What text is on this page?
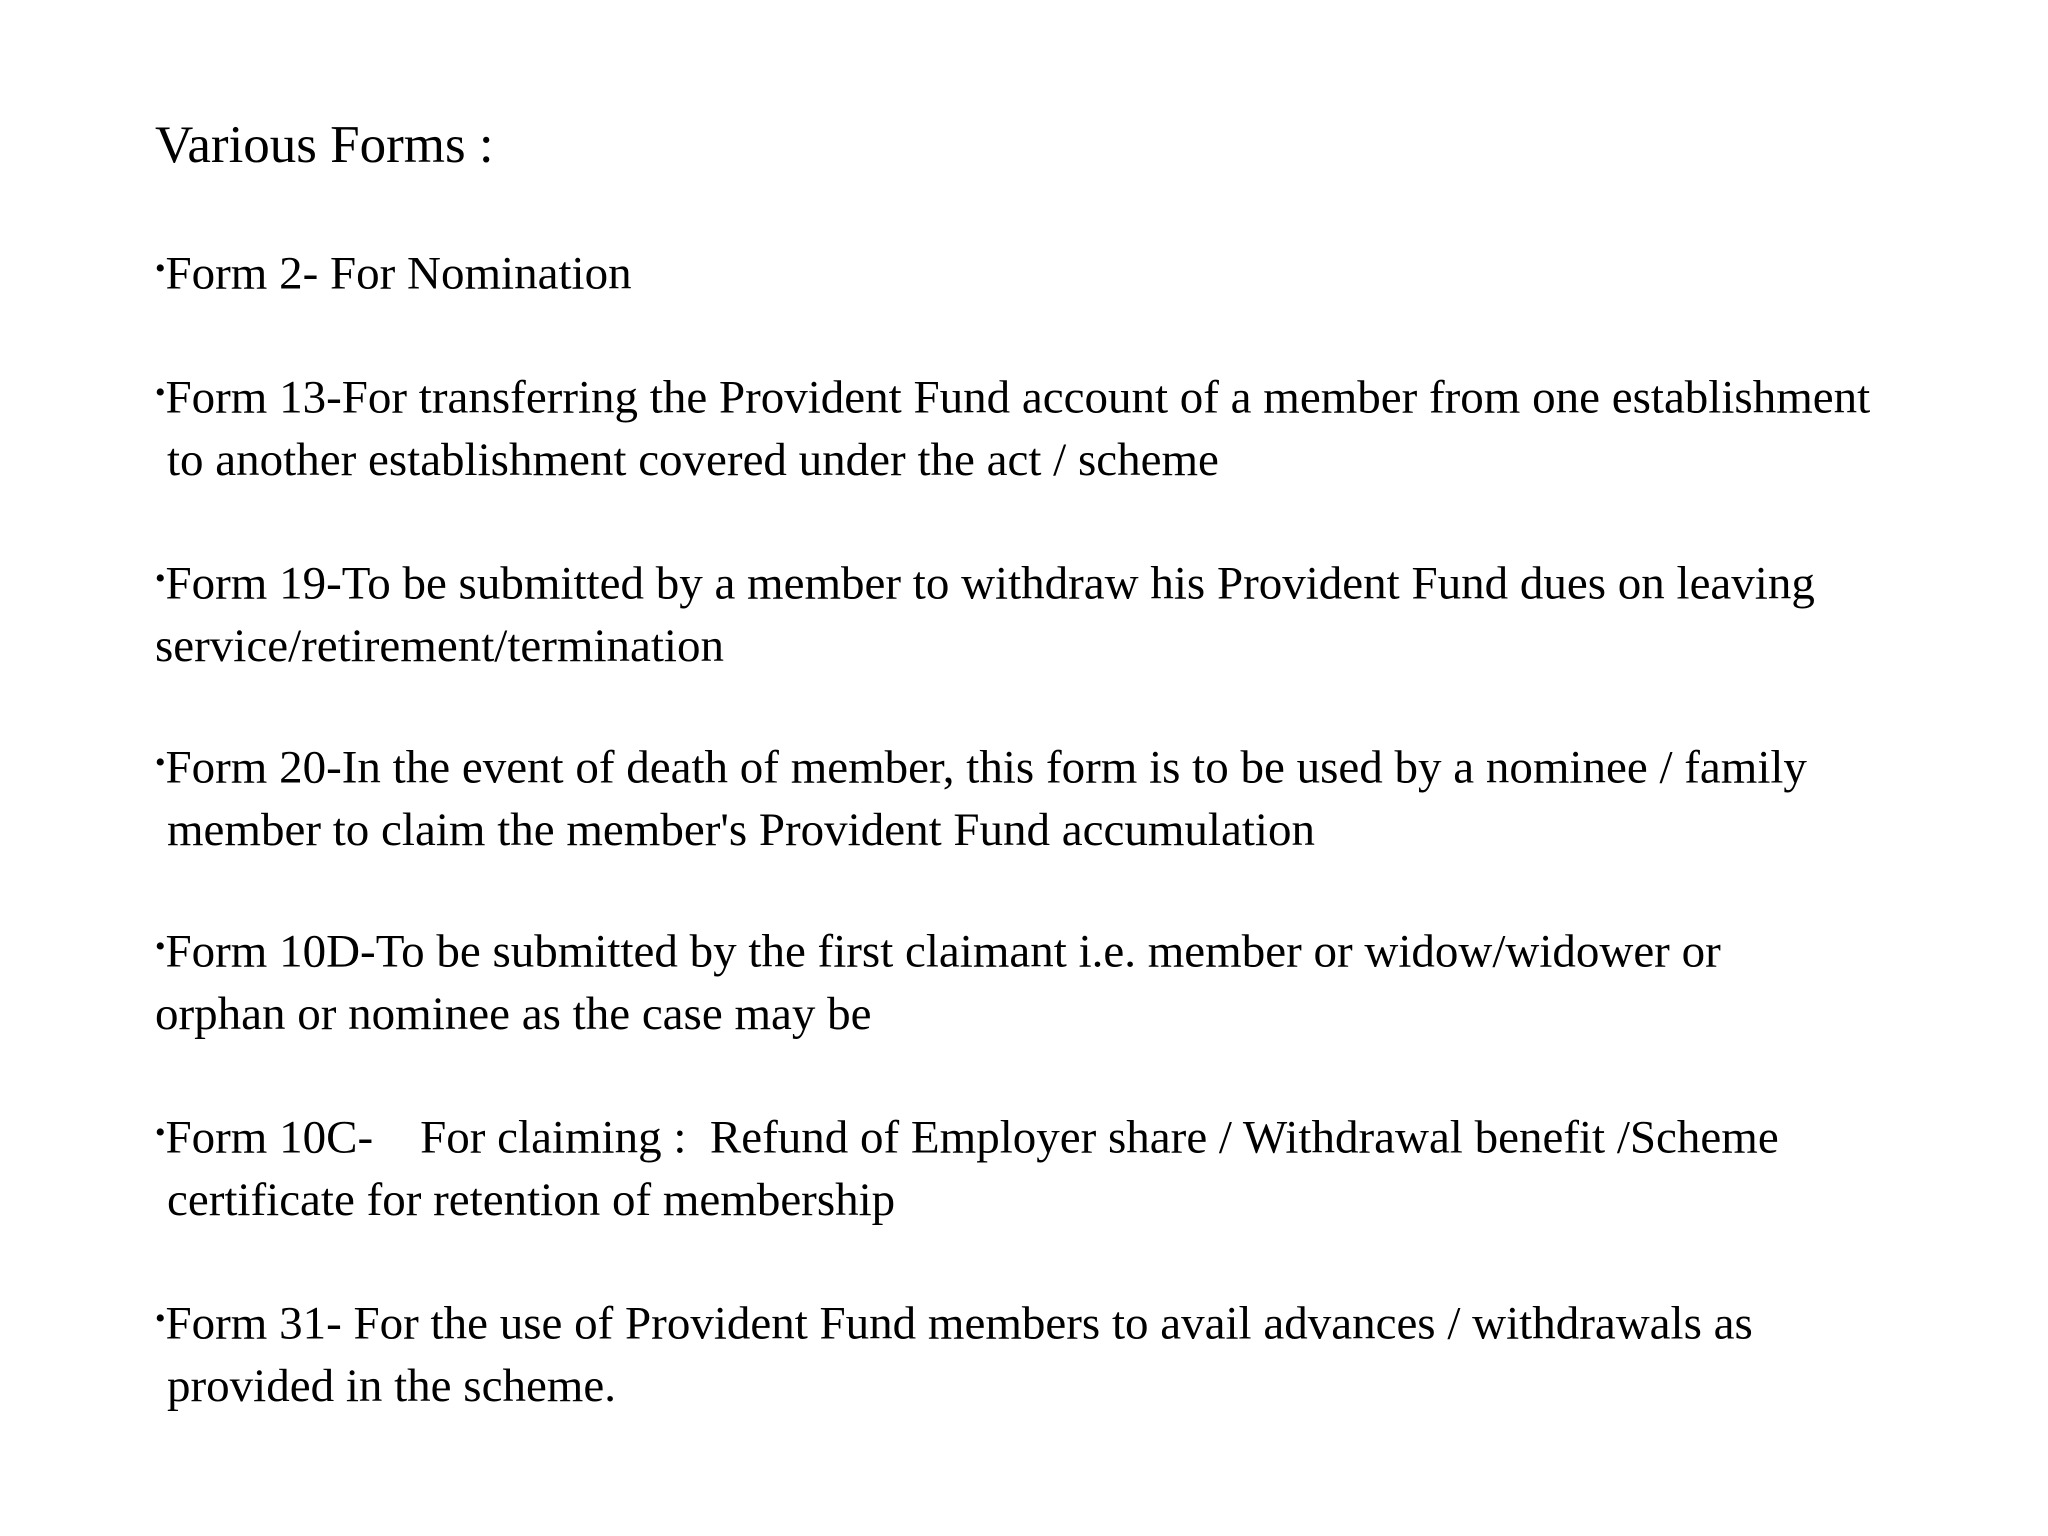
Various Forms :
•Form 2- For Nomination
•Form 13-For transferring the Provident Fund account of a member from one establishment
to another establishment covered under the act / scheme
•Form 19-To be submitted by a member to withdraw his Provident Fund dues on leaving
service/retirement/termination
•Form 20-In the event of death of member, this form is to be used by a nominee / family
member to claim the member's Provident Fund accumulation
•Form 10D-To be submitted by the first claimant i.e. member or widow/widower or
orphan or nominee as the case may be
•Form 10C-    For claiming :  Refund of Employer share / Withdrawal benefit /Scheme
certificate for retention of membership
•Form 31- For the use of Provident Fund members to avail advances / withdrawals as
provided in the scheme.
